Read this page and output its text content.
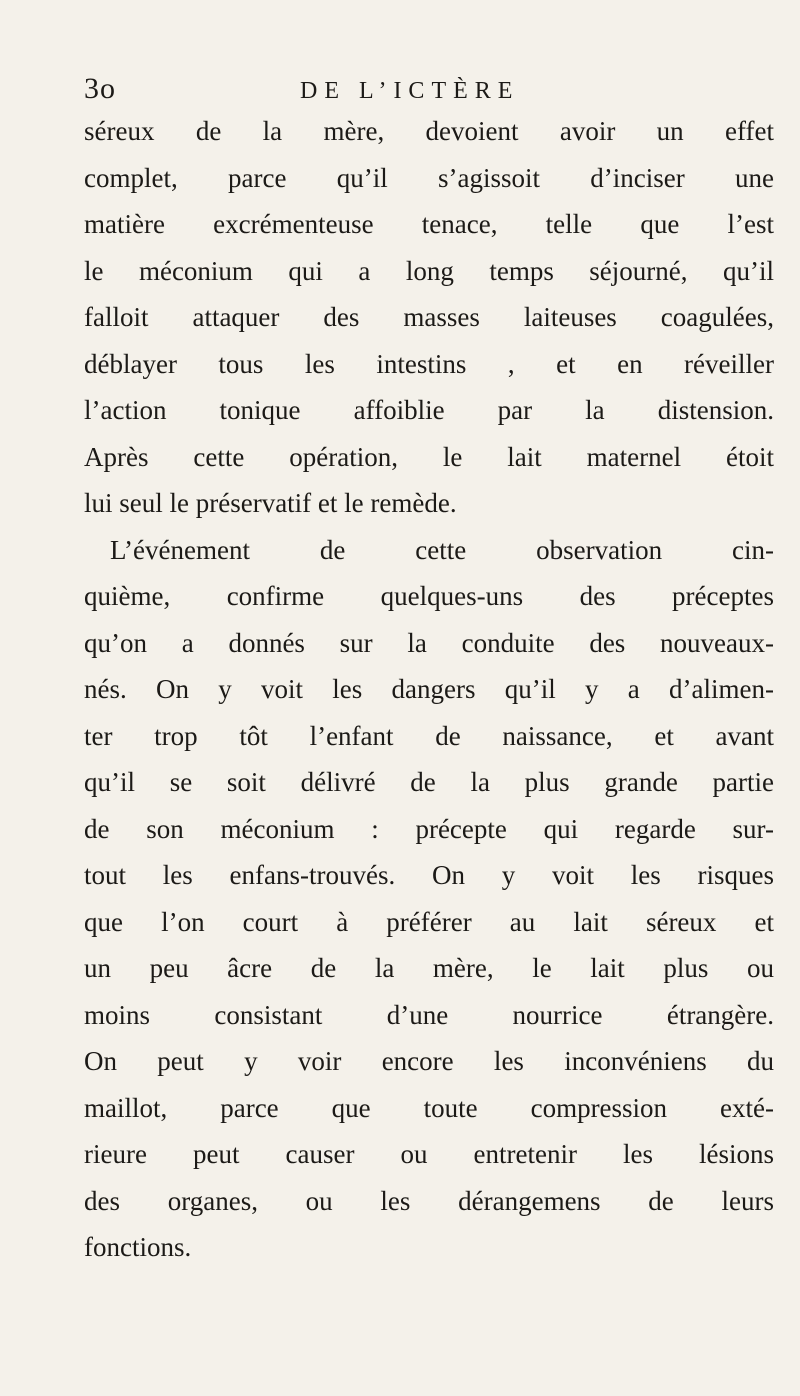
3o	DE L’ICTÈRE
séreux de la mère, devoient avoir un effet
complet, parce qu’il s’agissoit d’inciser une
matière excrémenteuse tenace, telle que l’est
le méconium qui a long temps séjourné, qu’il
falloit attaquer des masses laiteuses coagulées,
déblayer tous les intestins , et en réveiller
l’action tonique affoiblie par la distension.
Après cette opération, le lait maternel étoit
lui seul le préservatif et le remède.
L’événement de cette observation cin-
quième, confirme quelques-uns des préceptes
qu’on a donnés sur la conduite des nouveaux-
nés. On y voit les dangers qu’il y a d’alimen-
ter trop tôt l’enfant de naissance, et avant
qu’il se soit délivré de la plus grande partie
de son méconium : précepte qui regarde sur-
tout les enfans-trouvés. On y voit les risques
que l’on court à préférer au lait séreux et
un peu âcre de la mère, le lait plus ou
moins consistant d’une nourrice étrangère.
On peut y voir encore les inconvéniens du
maillot, parce que toute compression exté-
rieure peut causer ou entretenir les lésions
des organes, ou les dérangemens de leurs
fonctions.
